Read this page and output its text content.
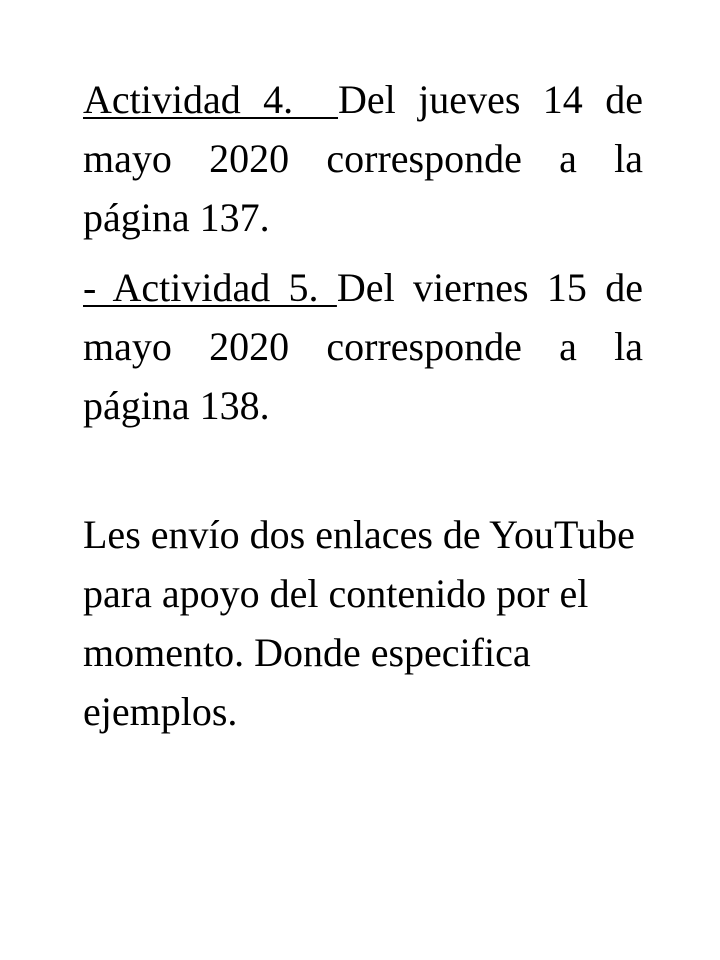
Actividad 4.  Del jueves 14 de mayo 2020 corresponde a la página 137.

- Actividad 5. Del viernes 15 de mayo 2020 corresponde a la página 138.

Les envío dos enlaces de YouTube para apoyo del contenido por el momento. Donde especifica ejemplos.
